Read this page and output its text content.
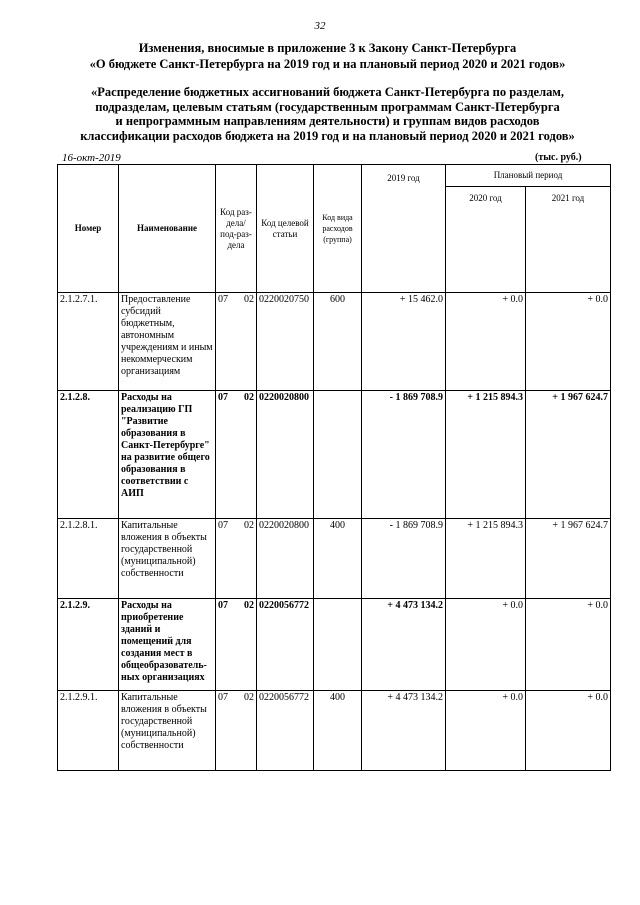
32
Изменения, вносимые в приложение 3 к Закону Санкт-Петербурга
«О бюджете Санкт-Петербурга на 2019 год и на плановый период 2020 и 2021 годов»
«Распределение бюджетных ассигнований бюджета Санкт-Петербурга по разделам,
подразделам, целевым статьям (государственным программам Санкт-Петербурга
и непрограммным направлениям деятельности) и группам видов расходов
классификации расходов бюджета на 2019 год и на плановый период 2020 и 2021 годов»
16-окт-2019	(тыс. руб.)
Номер	Наименование	Код раз-дела/ под-раз-дела	Код целевой статьи	Код вида расходов (группа)	2019 год	Плановый период	
						2020 год	2021 год
2.1.2.7.1.	Предоставление субсидий бюджетным, автономным учреждениям и иным некоммерческим организациям	07 02	0220020750	600	+ 15 462.0	+ 0.0	+ 0.0
2.1.2.8.	Расходы на реализацию ГП "Развитие образования в Санкт-Петербурге" на развитие общего образования в соответствии с АИП	07 02	0220020800		- 1 869 708.9	+ 1 215 894.3	+ 1 967 624.7
2.1.2.8.1.	Капитальные вложения в объекты государственной (муниципальной) собственности	07 02	0220020800	400	- 1 869 708.9	+ 1 215 894.3	+ 1 967 624.7
2.1.2.9.	Расходы на приобретение зданий и помещений для создания мест в общеобразовательных организациях	07 02	0220056772		+ 4 473 134.2	+ 0.0	+ 0.0
2.1.2.9.1.	Капитальные вложения в объекты государственной (муниципальной) собственности	07 02	0220056772	400	+ 4 473 134.2	+ 0.0	+ 0.0
